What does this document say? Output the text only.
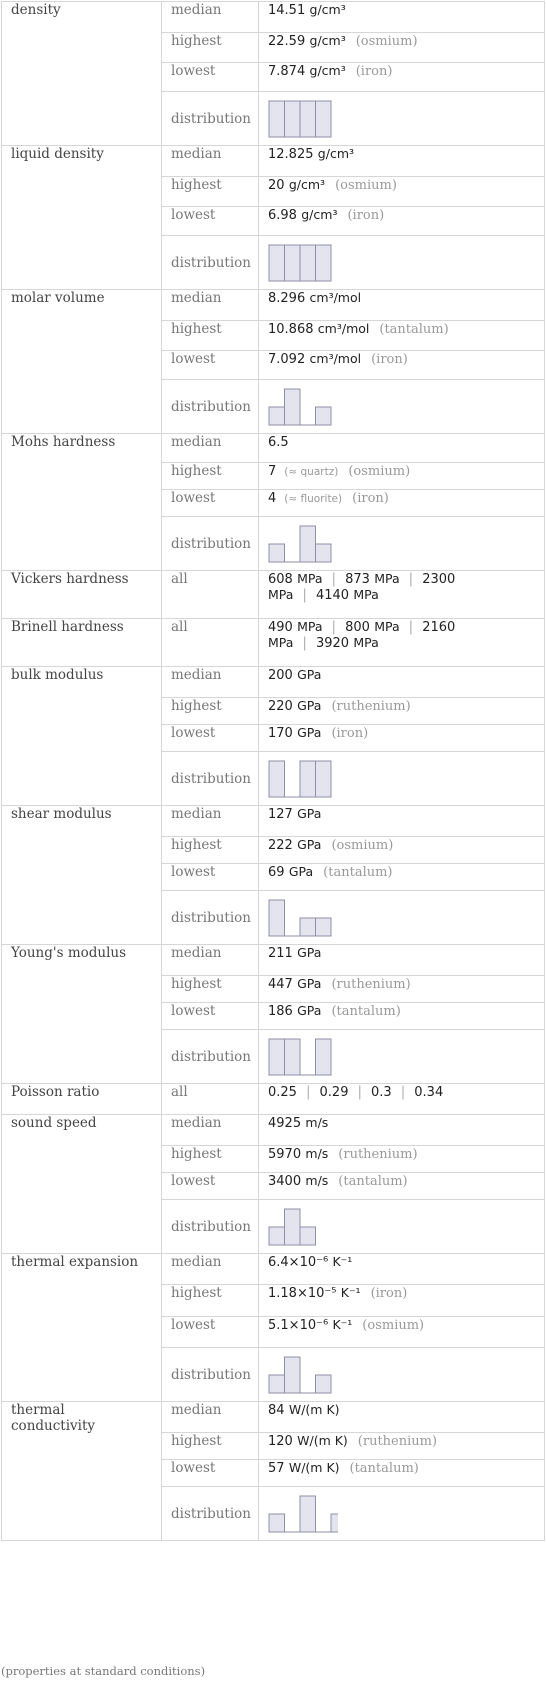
density	median	14.51 g/cm³
	highest	22.59 g/cm³ (osmium)
	lowest	7.874 g/cm³ (iron)
	distribution	

liquid density	median	12.825 g/cm³
	highest	20 g/cm³ (osmium)
	lowest	6.98 g/cm³ (iron)
	distribution	

molar volume	median	8.296 cm³/mol
	highest	10.868 cm³/mol (tantalum)
	lowest	7.092 cm³/mol (iron)
	distribution	

Mohs hardness	median	6.5
	highest	7 (≈ quartz) (osmium)
	lowest	4 (≈ fluorite) (iron)
	distribution	

Vickers hardness	all	608 MPa | 873 MPa | 2300 MPa | 4140 MPa
Brinell hardness	all	490 MPa | 800 MPa | 2160 MPa | 3920 MPa
bulk modulus	median	200 GPa
	highest	220 GPa (ruthenium)
	lowest	170 GPa (iron)
	distribution	

shear modulus	median	127 GPa
	highest	222 GPa (osmium)
	lowest	69 GPa (tantalum)
	distribution	

Young's modulus	median	211 GPa
	highest	447 GPa (ruthenium)
	lowest	186 GPa (tantalum)
	distribution	

Poisson ratio	all	0.25 | 0.29 | 0.3 | 0.34
sound speed	median	4925 m/s
	highest	5970 m/s (ruthenium)
	lowest	3400 m/s (tantalum)
	distribution	

thermal expansion	median	6.4×10⁻⁶ K⁻¹
	highest	1.18×10⁻⁵ K⁻¹ (iron)
	lowest	5.1×10⁻⁶ K⁻¹ (osmium)
	distribution	

thermal conductivity	median	84 W/(m K)
	highest	120 W/(m K) (ruthenium)
	lowest	57 W/(m K) (tantalum)
	distribution	
(properties at standard conditions)
